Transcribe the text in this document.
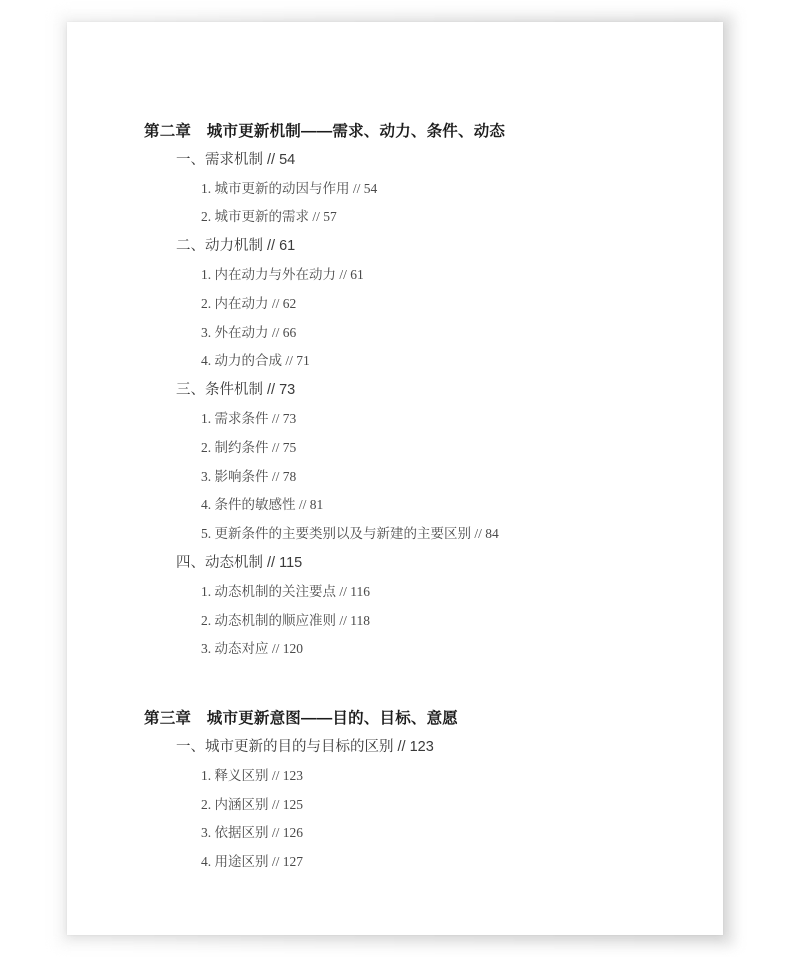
第二章　城市更新机制——需求、动力、条件、动态
一、需求机制 // 54
1. 城市更新的动因与作用 // 54
2. 城市更新的需求 // 57
二、动力机制 // 61
1. 内在动力与外在动力 // 61
2. 内在动力 // 62
3. 外在动力 // 66
4. 动力的合成 // 71
三、条件机制 // 73
1. 需求条件 // 73
2. 制约条件 // 75
3. 影响条件 // 78
4. 条件的敏感性 // 81
5. 更新条件的主要类别以及与新建的主要区别 // 84
四、动态机制 // 115
1. 动态机制的关注要点 // 116
2. 动态机制的顺应准则 // 118
3. 动态对应 // 120
第三章　城市更新意图——目的、目标、意愿
一、城市更新的目的与目标的区别 // 123
1. 释义区别 // 123
2. 内涵区别 // 125
3. 依据区别 // 126
4. 用途区别 // 127
